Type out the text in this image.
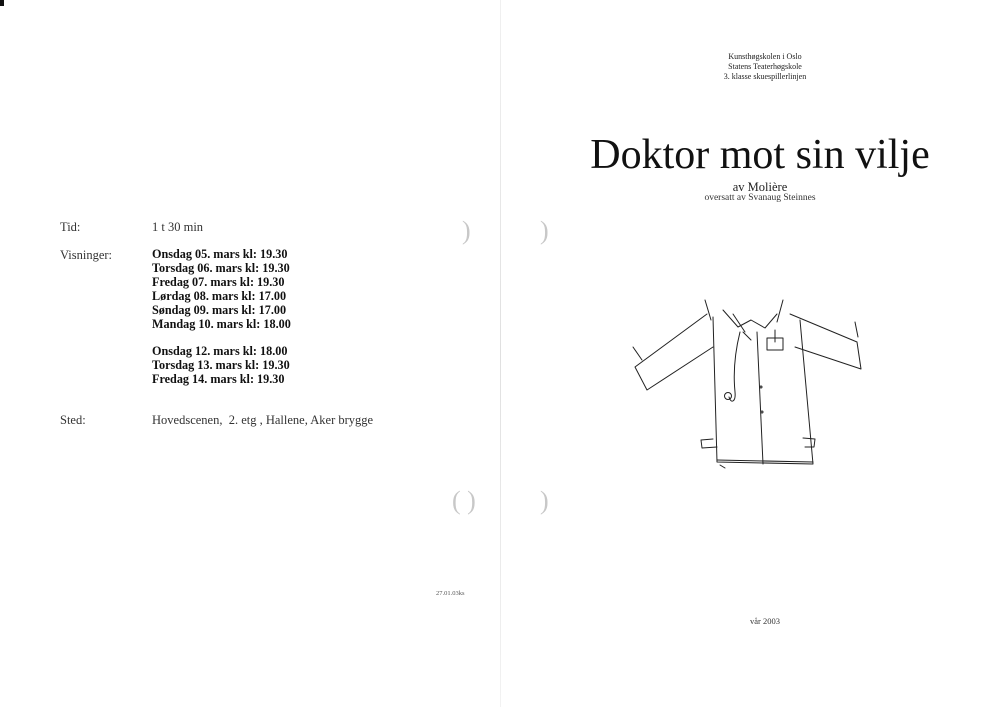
)	)
( ) )
Tid:	1 t 30 min
Visninger:	Onsdag 05. mars kl: 19.30
Torsdag 06. mars kl: 19.30
Fredag 07. mars kl: 19.30
Lørdag 08. mars kl: 17.00
Søndag 09. mars kl: 17.00
Mandag 10. mars kl: 18.00
Onsdag 12. mars kl: 18.00
Torsdag 13. mars kl: 19.30
Fredag 14. mars kl: 19.30
Sted:	Hovedscenen,  2. etg , Hallene, Aker brygge
27.01.03ks
Kunsthøgskolen i Oslo
Statens Teaterhøgskole
3. klasse skuespillerlinjen
Doktor mot sin vilje
av Molière
oversatt av Svanaug Steinnes
vår 2003
